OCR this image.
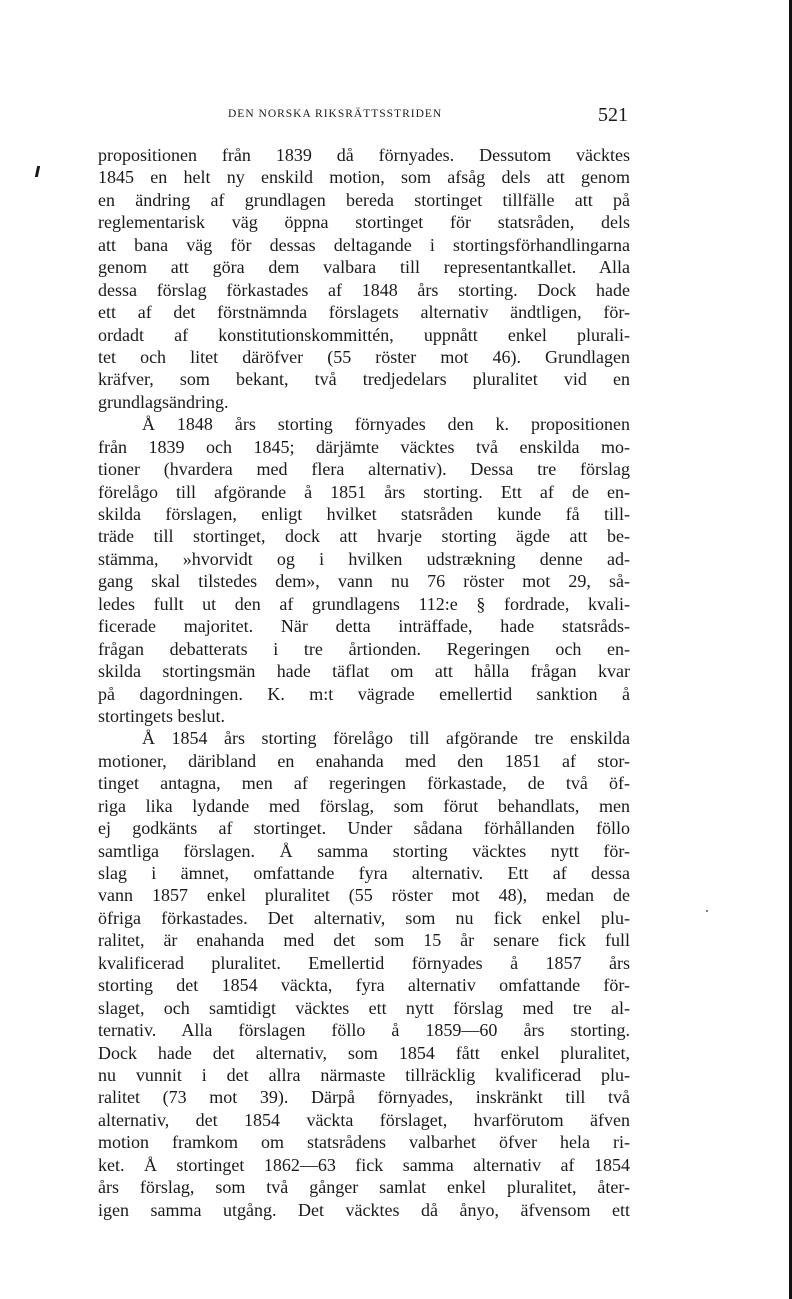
DEN NORSKA RIKSRÄTTSSTRIDEN	521
propositionen från 1839 då förnyades. Dessutom väcktes
1845 en helt ny enskild motion, som afsåg dels att genom
en ändring af grundlagen bereda stortinget tillfälle att på
reglementarisk väg öppna stortinget för statsråden, dels
att bana väg för dessas deltagande i stortingsförhandlingarna
genom att göra dem valbara till representantkallet. Alla
dessa förslag förkastades af 1848 års storting. Dock hade
ett af det förstnämnda förslagets alternativ ändtligen, för-
ordadt af konstitutionskommittén, uppnått enkel plurali-
tet och litet däröfver (55 röster mot 46). Grundlagen
kräfver, som bekant, två tredjedelars pluralitet vid en
grundlagsändring.
Å 1848 års storting förnyades den k. propositionen
från 1839 och 1845; därjämte väcktes två enskilda mo-
tioner (hvardera med flera alternativ). Dessa tre förslag
förelågo till afgörande å 1851 års storting. Ett af de en-
skilda förslagen, enligt hvilket statsråden kunde få till-
träde till stortinget, dock att hvarje storting ägde att be-
stämma, »hvorvidt og i hvilken udstrækning denne ad-
gang skal tilstedes dem», vann nu 76 röster mot 29, så-
ledes fullt ut den af grundlagens 112:e § fordrade, kvali-
ficerade majoritet. När detta inträffade, hade statsråds-
frågan debatterats i tre årtionden. Regeringen och en-
skilda stortingsmän hade täflat om att hålla frågan kvar
på dagordningen. K. m:t vägrade emellertid sanktion å
stortingets beslut.
Å 1854 års storting förelågo till afgörande tre enskilda
motioner, däribland en enahanda med den 1851 af stor-
tinget antagna, men af regeringen förkastade, de två öf-
riga lika lydande med förslag, som förut behandlats, men
ej godkänts af stortinget. Under sådana förhållanden föllo
samtliga förslagen. Å samma storting väcktes nytt för-
slag i ämnet, omfattande fyra alternativ. Ett af dessa
vann 1857 enkel pluralitet (55 röster mot 48), medan de
öfriga förkastades. Det alternativ, som nu fick enkel plu-
ralitet, är enahanda med det som 15 år senare fick full
kvalificerad pluralitet. Emellertid förnyades å 1857 års
storting det 1854 väckta, fyra alternativ omfattande för-
slaget, och samtidigt väcktes ett nytt förslag med tre al-
ternativ. Alla förslagen föllo å 1859—60 års storting.
Dock hade det alternativ, som 1854 fått enkel pluralitet,
nu vunnit i det allra närmaste tillräcklig kvalificerad plu-
ralitet (73 mot 39). Därpå förnyades, inskränkt till två
alternativ, det 1854 väckta förslaget, hvarförutom äfven
motion framkom om statsrådens valbarhet öfver hela ri-
ket. Å stortinget 1862—63 fick samma alternativ af 1854
års förslag, som två gånger samlat enkel pluralitet, åter-
igen samma utgång. Det väcktes då ånyo, äfvensom ett
